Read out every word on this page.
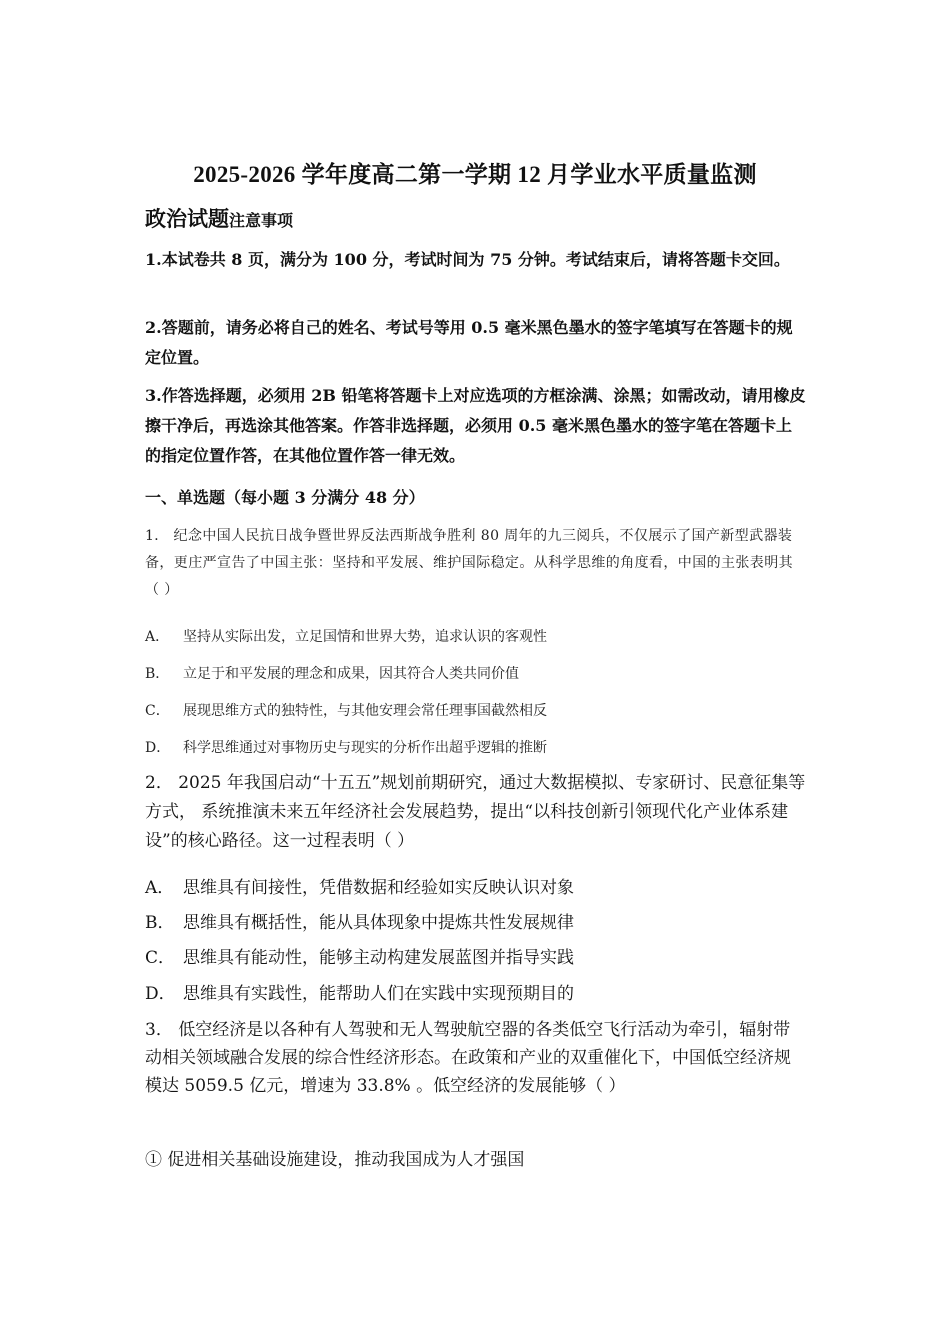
2025-2026 学年度高二第一学期 12 月学业水平质量监测
政治试题注意事项
1.本试卷共 8 页，满分为 100 分，考试时间为 75 分钟。考试结束后，请将答题卡交回。
2.答题前，请务必将自己的姓名、考试号等用 0.5 毫米黑色墨水的签字笔填写在答题卡的规定位置。
3.作答选择题，必须用 2B 铅笔将答题卡上对应选项的方框涂满、涂黑；如需改动，请用橡皮擦干净后，再选涂其他答案。作答非选择题，必须用 0.5 毫米黑色墨水的签字笔在答题卡上的指定位置作答，在其他位置作答一律无效。
一、单选题（每小题 3 分满分 48 分）
1． 纪念中国人民抗日战争暨世界反法西斯战争胜利 80 周年的九三阅兵，不仅展示了国产新型武器装备，更庄严宣告了中国主张：坚持和平发展、维护国际稳定。从科学思维的角度看，中国的主张表明其（ ）
A． 坚持从实际出发，立足国情和世界大势，追求认识的客观性
B． 立足于和平发展的理念和成果，因其符合人类共同价值
C． 展现思维方式的独特性，与其他安理会常任理事国截然相反
D． 科学思维通过对事物历史与现实的分析作出超乎逻辑的推断
2． 2025 年我国启动“十五五”规划前期研究，通过大数据模拟、专家研讨、民意征集等方式， 系统推演未来五年经济社会发展趋势，提出“以科技创新引领现代化产业体系建设”的核心路径。这一过程表明（ ）
A． 思维具有间接性，凭借数据和经验如实反映认识对象
B． 思维具有概括性，能从具体现象中提炼共性发展规律
C． 思维具有能动性，能够主动构建发展蓝图并指导实践
D． 思维具有实践性，能帮助人们在实践中实现预期目的
3． 低空经济是以各种有人驾驶和无人驾驶航空器的各类低空飞行活动为牵引，辐射带动相关领域融合发展的综合性经济形态。在政策和产业的双重催化下，中国低空经济规模达 5059.5 亿元，增速为 33.8% 。低空经济的发展能够（ ）
① 促进相关基础设施建设，推动我国成为人才强国
